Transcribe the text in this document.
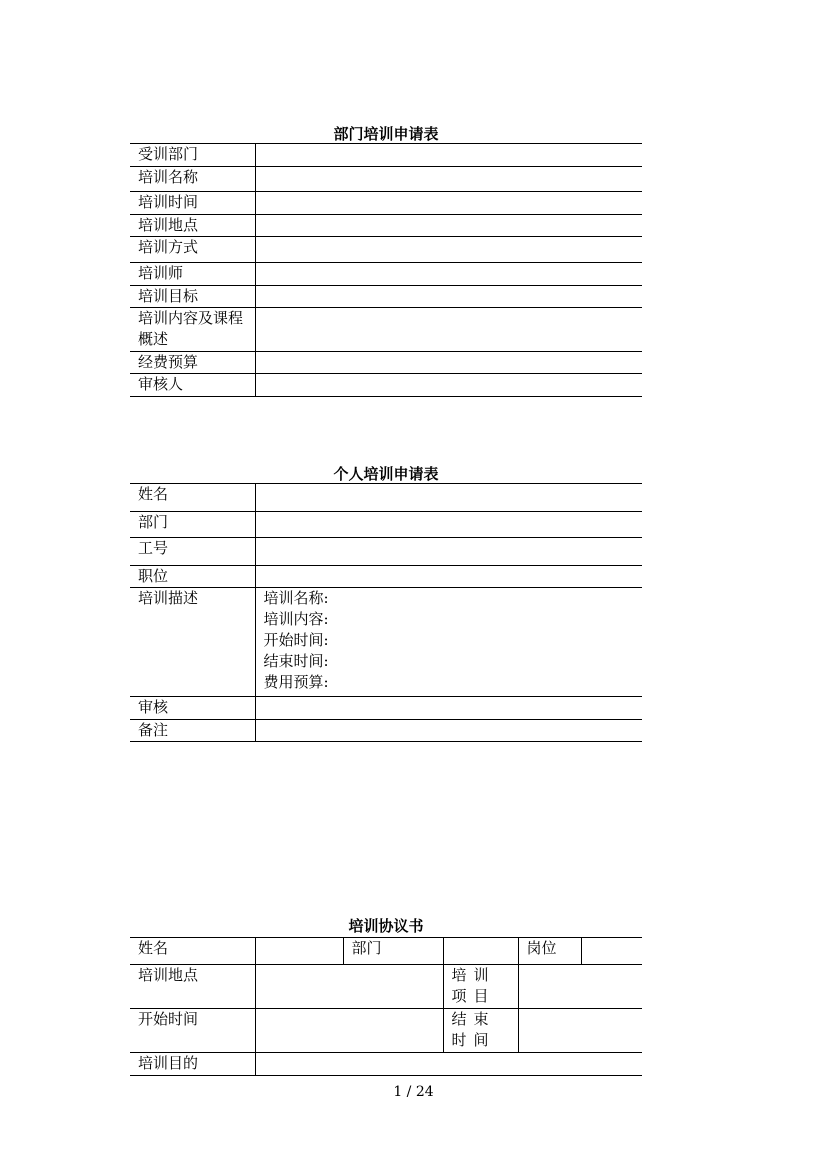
部门培训申请表
受训部门	
培训名称	
培训时间	
培训地点	
培训方式	
培训师	
培训目标	
培训内容及课程概述	
经费预算	
审核人	
个人培训申请表
姓名	
部门	
工号	
职位	
培训描述	培训名称:
培训内容:
开始时间:
结束时间:
费用预算:

审核	
备注	
培训协议书
姓名		部门		岗位	
培训地点			培训项目		
开始时间			结束时间		
培训目的					
1 / 24
